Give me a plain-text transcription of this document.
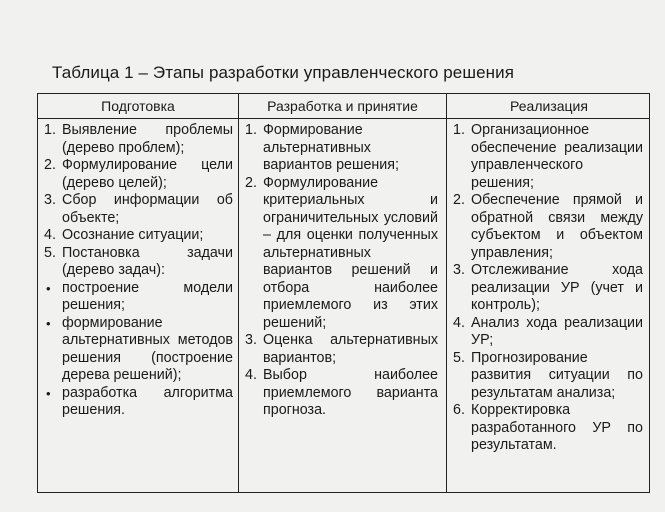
Таблица 1 – Этапы разработки управленческого решения
Подготовка	Разработка и принятие	Реализация
1. Выявление проблемы (дерево проблем);
2. Формулирование цели (дерево целей);
3. Сбор информации об объекте;
4. Осознание ситуации;
5. Постановка задачи (дерево задач):
• построение модели решения;
• формирование альтернативных методов решения (построение дерева решений);
• разработка алгоритма решения.
1. Формирование альтернативных вариантов решения;
2. Формулирование критериальных и ограничительных условий – для оценки полученных альтернативных вариантов решений и отбора наиболее приемлемого из этих решений;
3. Оценка альтернативных вариантов;
4. Выбор наиболее приемлемого варианта прогноза.
1. Организационное обеспечение реализации управленческого решения;
2. Обеспечение прямой и обратной связи между субъектом и объектом управления;
3. Отслеживание хода реализации УР (учет и контроль);
4. Анализ хода реализации УР;
5. Прогнозирование развития ситуации по результатам анализа;
6. Корректировка разработанного УР по результатам.
